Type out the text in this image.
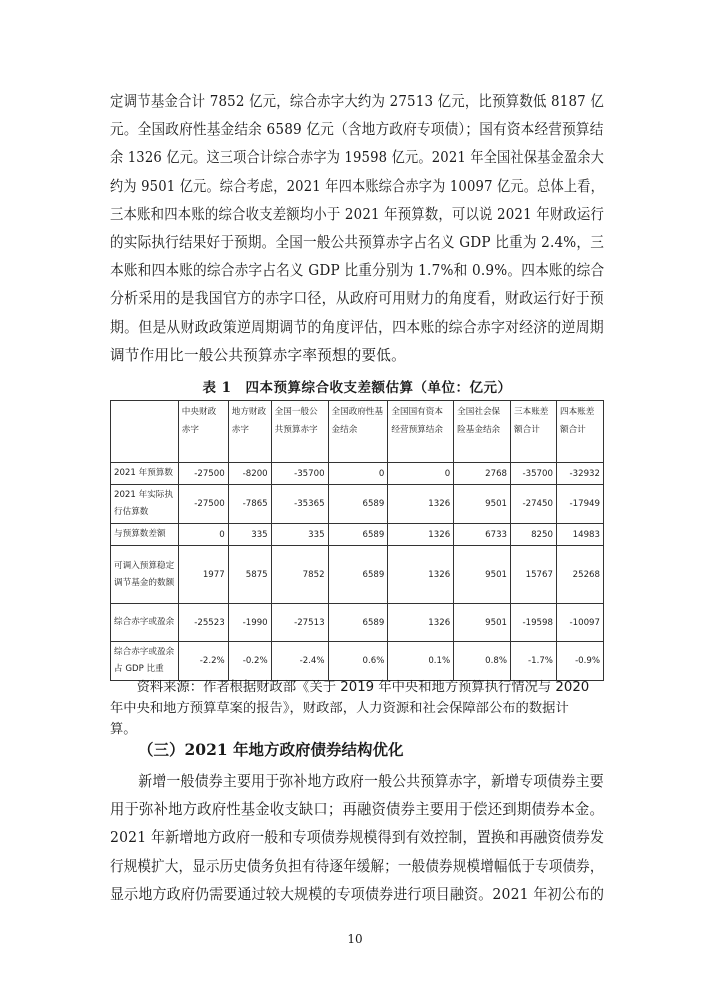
定调节基金合计 7852 亿元，综合赤字大约为 27513 亿元，比预算数低 8187 亿
元。全国政府性基金结余 6589 亿元（含地方政府专项债）；国有资本经营预算结
余 1326 亿元。这三项合计综合赤字为 19598 亿元。2021 年全国社保基金盈余大
约为 9501 亿元。综合考虑，2021 年四本账综合赤字为 10097 亿元。总体上看，
三本账和四本账的综合收支差额均小于 2021 年预算数，可以说 2021 年财政运行
的实际执行结果好于预期。全国一般公共预算赤字占名义 GDP 比重为 2.4%，三
本账和四本账的综合赤字占名义 GDP 比重分别为 1.7%和 0.9%。四本账的综合
分析采用的是我国官方的赤字口径，从政府可用财力的角度看，财政运行好于预
期。但是从财政政策逆周期调节的角度评估，四本账的综合赤字对经济的逆周期
调节作用比一般公共预算赤字率预想的要低。
表 1　四本预算综合收支差额估算（单位：亿元）
	中央财政赤字	地方财政赤字	全国一般公共预算赤字	全国政府性基金结余	全国国有资本经营预算结余	全国社会保险基金结余	三本账差额合计	四本账差额合计
2021 年预算数	-27500	-8200	-35700	0	0	2768	-35700	-32932
2021 年实际执行估算数	-27500	-7865	-35365	6589	1326	9501	-27450	-17949
与预算数差额	0	335	335	6589	1326	6733	8250	14983
可调入预算稳定调节基金的数额	1977	5875	7852	6589	1326	9501	15767	25268
综合赤字或盈余	-25523	-1990	-27513	6589	1326	9501	-19598	-10097
综合赤字或盈余占 GDP 比重	-2.2%	-0.2%	-2.4%	0.6%	0.1%	0.8%	-1.7%	-0.9%
　　资料来源：作者根据财政部《关于 2019 年中央和地方预算执行情况与 2020
年中央和地方预算草案的报告》，财政部，人力资源和社会保障部公布的数据计
算。
（三）2021 年地方政府债券结构优化
　　新增一般债券主要用于弥补地方政府一般公共预算赤字，新增专项债券主要
用于弥补地方政府性基金收支缺口；再融资债券主要用于偿还到期债券本金。
2021 年新增地方政府一般和专项债券规模得到有效控制，置换和再融资债券发
行规模扩大，显示历史债务负担有待逐年缓解；一般债券规模增幅低于专项债券，
显示地方政府仍需要通过较大规模的专项债券进行项目融资。2021 年初公布的
10
